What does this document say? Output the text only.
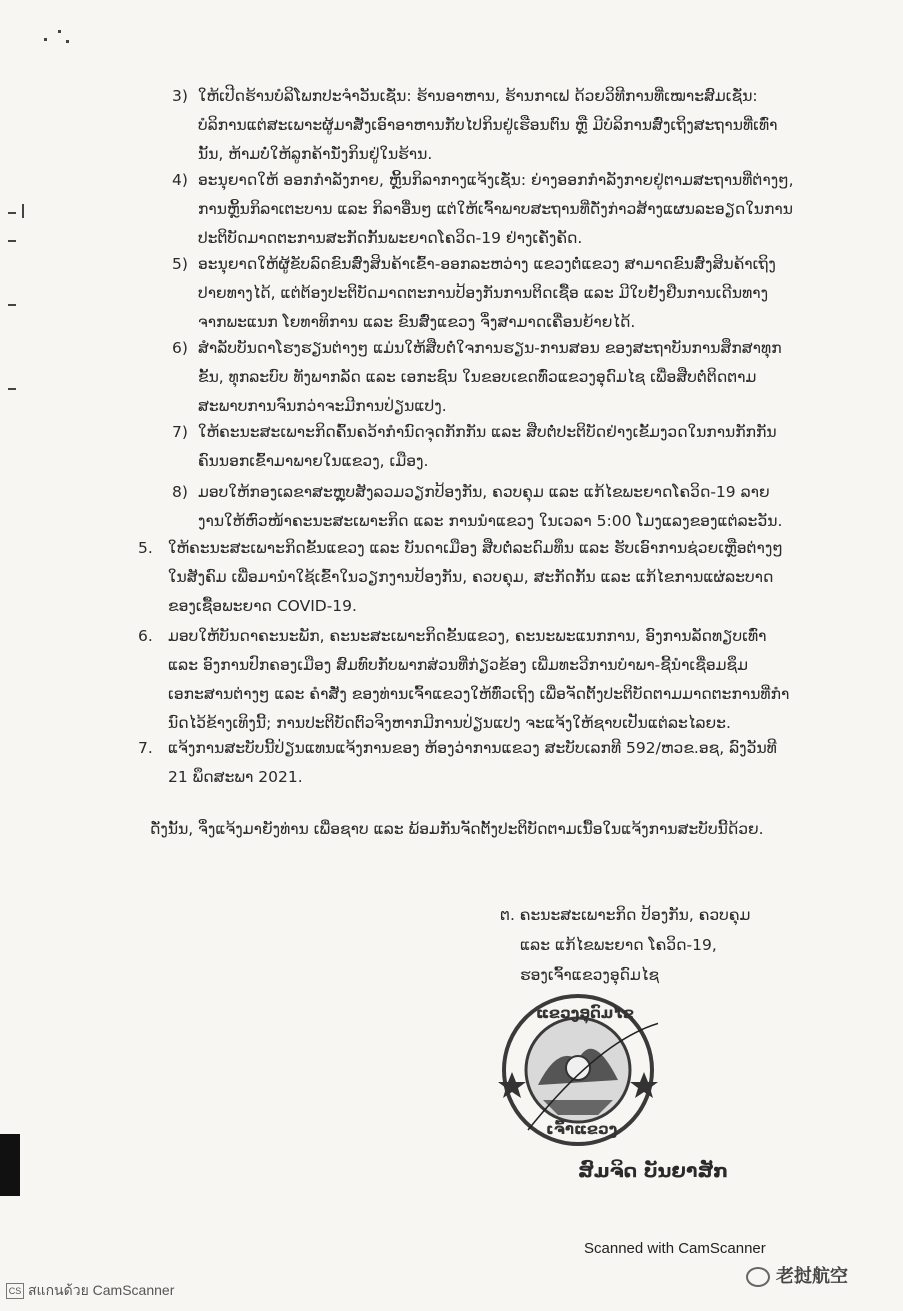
3) ໃຫ້ເປີດຮ້ານບໍລິໂພກປະຈຳວັນເຊັ່ນ: ຮ້ານອາຫານ, ຮ້ານກາເຟ ດ້ວຍວິທີການທີ່ເໝາະສົມເຊັ່ນ:
ບໍລິການແຕ່ສະເພາະຜູ້ມາສັ່ງເອົາອາຫານກັບໄປກິນຢູ່ເຮືອນຕົນ ຫຼື ມີບໍລິການສົ່ງເຖິງສະຖານທີ່ເທົ່າ
ນັ້ນ, ຫ້າມບໍ່ໃຫ້ລູກຄ້ານັ່ງກິນຢູ່ໃນຮ້ານ.
4) ອະນຸຍາດໃຫ້ ອອກກຳລັງກາຍ, ຫຼິ້ນກິລາກາງແຈ້ງເຊັ່ນ: ຍ່າງອອກກຳລັງກາຍຢູ່ຕາມສະຖານທີ່ຕ່າງໆ,
ການຫຼິ້ນກິລາເຕະບານ ແລະ ກິລາອື່ນໆ ແຕ່ໃຫ້ເຈົ້າພາບສະຖານທີ່ດັ່ງກ່າວສ້າງແຜນລະອຽດໃນການ
ປະຕິບັດມາດຕະການສະກັດກັ້ນພະຍາດໂຄວິດ-19 ຢ່າງເຄັ່ງຄັດ.
5) ອະນຸຍາດໃຫ້ຜູ້ຂັບລົດຂົນສົ່ງສິນຄ້າເຂົ້າ-ອອກລະຫວ່າງ ແຂວງຕໍ່ແຂວງ ສາມາດຂົນສົ່ງສິນຄ້າເຖິງ
ປາຍທາງໄດ້, ແຕ່ຕ້ອງປະຕິບັດມາດຕະການປ້ອງກັນການຕິດເຊື້ອ ແລະ ມີໃບຢັ້ງຢືນການເດີນທາງ
ຈາກພະແນກ ໂຍທາທິການ ແລະ ຂົນສົ່ງແຂວງ ຈຶ່ງສາມາດເຄື່ອນຍ້າຍໄດ້.
6) ສຳລັບບັນດາໂຮງຮຽນຕ່າງໆ ແມ່ນໃຫ້ສືບຕໍ່ໃຈການຮຽນ-ການສອນ ຂອງສະຖາບັນການສຶກສາທຸກ
ຂັ້ນ, ທຸກລະບົບ ທັງພາກລັດ ແລະ ເອກະຊົນ ໃນຂອບເຂດທົ່ວແຂວງອຸດົມໄຊ ເພື່ອສືບຕໍ່ຕິດຕາມ
ສະພາບການຈົນກວ່າຈະມີການປ່ຽນແປງ.
7) ໃຫ້ຄະນະສະເພາະກິດຄົ້ນຄວ້າກຳນົດຈຸດກັກກັນ ແລະ ສືບຕໍ່ປະຕິບັດຢ່າງເຂັ້ມງວດໃນການກັກກັນ
ຄົນນອກເຂົ້າມາພາຍໃນແຂວງ, ເມືອງ.
8) ມອບໃຫ້ກອງເລຂາສະຫຼຸບສັງລວມວຽກປ້ອງກັນ, ຄວບຄຸມ ແລະ ແກ້ໄຂພະຍາດໂຄວິດ-19 ລາຍ
ງານໃຫ້ຫົວໜ້າຄະນະສະເພາະກິດ ແລະ ການນຳແຂວງ ໃນເວລາ 5:00 ໂມງແລງຂອງແຕ່ລະວັນ.
5. ໃຫ້ຄະນະສະເພາະກິດຂັ້ນແຂວງ ແລະ ບັນດາເມືອງ ສືບຕໍ່ລະດົມທຶນ ແລະ ຮັບເອົາການຊ່ວຍເຫຼືອຕ່າງໆ
ໃນສັງຄົມ ເພື່ອມານຳໃຊ້ເຂົ້າໃນວຽກງານປ້ອງກັນ, ຄວບຄຸມ, ສະກັດກັ້ນ ແລະ ແກ້ໄຂການແຜ່ລະບາດ
ຂອງເຊື້ອພະຍາດ COVID-19.
6. ມອບໃຫ້ບັນດາຄະນະພັກ, ຄະນະສະເພາະກິດຂັ້ນແຂວງ, ຄະນະພະແນກການ, ອົງການລັດທຽບເທົ່າ
ແລະ ອົງການປົກຄອງເມືອງ ສົມທົບກັບພາກສ່ວນທີ່ກ່ຽວຂ້ອງ ເພີ່ມທະວີການບຳພາ-ຊີ້ນຳເຊື່ອມຊຶມ
ເອກະສານຕ່າງໆ ແລະ ຄຳສັ່ງ ຂອງທ່ານເຈົ້າແຂວງໃຫ້ທົ່ວເຖິງ ເພື່ອຈັດຕັ້ງປະຕິບັດຕາມມາດຕະການທີ່ກຳ
ນົດໄວ້ຂ້າງເທິງນີ້; ການປະຕິບັດຕົວຈິງຫາກມີການປ່ຽນແປງ ຈະແຈ້ງໃຫ້ຊາບເປັນແຕ່ລະໄລຍະ.
7. ແຈ້ງການສະບັບນີ້ປ່ຽນແທນແຈ້ງການຂອງ ຫ້ອງວ່າການແຂວງ ສະບັບເລກທີ 592/ຫວຂ.ອຊ, ລົງວັນທີ
21 ພຶດສະພາ 2021.
ດັ່ງນັ້ນ, ຈຶ່ງແຈ້ງມາຍັງທ່ານ ເພື່ອຊາບ ແລະ ພ້ອມກັນຈັດຕັ້ງປະຕິບັດຕາມເນື້ອໃນແຈ້ງການສະບັບນີ້ດ້ວຍ.
ຕ. ຄະນະສະເພາະກິດ ປ້ອງກັນ, ຄວບຄຸມ
ແລະ ແກ້ໄຂພະຍາດ ໂຄວິດ-19,
ຮອງເຈົ້າແຂວງອຸດົມໄຊ
ແຂວງອຸດົມໄຊ
ເຈົ້າແຂວງ
ສົມຈິດ ບັນຍາສັກ
Scanned with CamScanner
老挝航空
CS สแกนด้วย CamScanner
